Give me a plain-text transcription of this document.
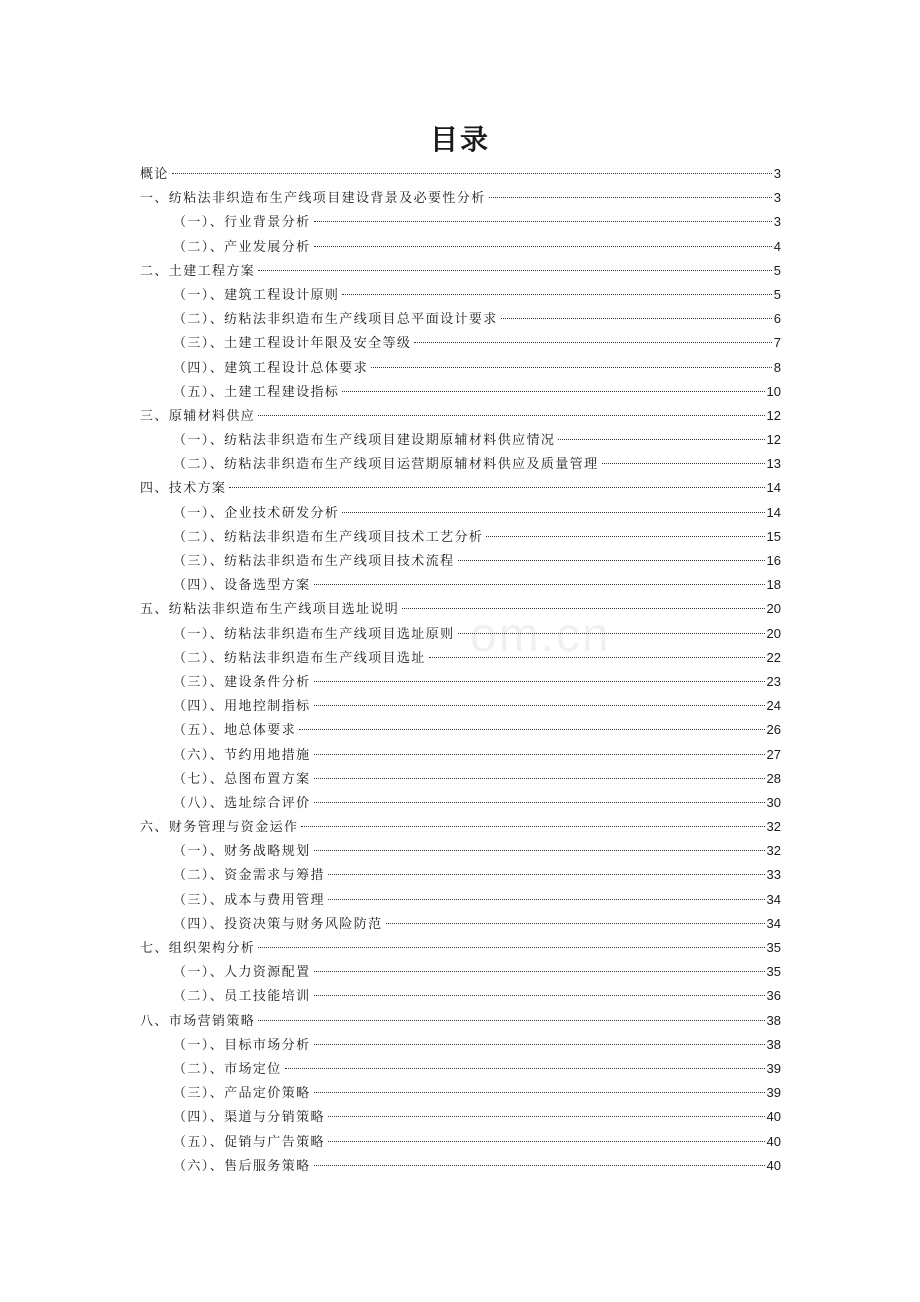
om.cn
目录
概论	3
一、纺粘法非织造布生产线项目建设背景及必要性分析	3
（一）、行业背景分析	3
（二）、产业发展分析	4
二、土建工程方案	5
（一）、建筑工程设计原则	5
（二）、纺粘法非织造布生产线项目总平面设计要求	6
（三）、土建工程设计年限及安全等级	7
（四）、建筑工程设计总体要求	8
（五）、土建工程建设指标	10
三、原辅材料供应	12
（一）、纺粘法非织造布生产线项目建设期原辅材料供应情况	12
（二）、纺粘法非织造布生产线项目运营期原辅材料供应及质量管理	13
四、技术方案	14
（一）、企业技术研发分析	14
（二）、纺粘法非织造布生产线项目技术工艺分析	15
（三）、纺粘法非织造布生产线项目技术流程	16
（四）、设备选型方案	18
五、纺粘法非织造布生产线项目选址说明	20
（一）、纺粘法非织造布生产线项目选址原则	20
（二）、纺粘法非织造布生产线项目选址	22
（三）、建设条件分析	23
（四）、用地控制指标	24
（五）、地总体要求	26
（六）、节约用地措施	27
（七）、总图布置方案	28
（八）、选址综合评价	30
六、财务管理与资金运作	32
（一）、财务战略规划	32
（二）、资金需求与筹措	33
（三）、成本与费用管理	34
（四）、投资决策与财务风险防范	34
七、组织架构分析	35
（一）、人力资源配置	35
（二）、员工技能培训	36
八、市场营销策略	38
（一）、目标市场分析	38
（二）、市场定位	39
（三）、产品定价策略	39
（四）、渠道与分销策略	40
（五）、促销与广告策略	40
（六）、售后服务策略	40
